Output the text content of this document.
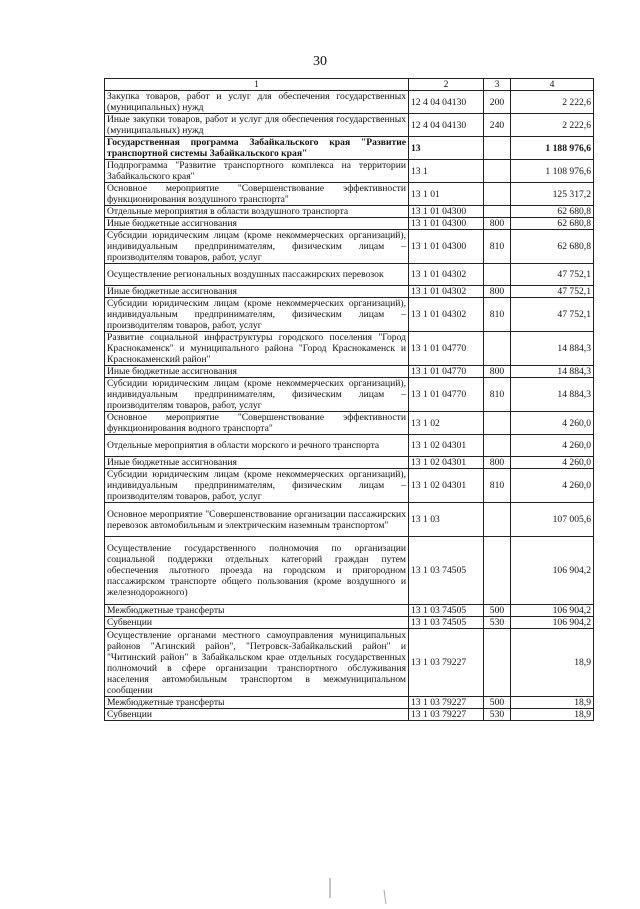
30
1	2	3	4
Закупка товаров, работ и услуг для обеспечения государственных (муниципальных) нужд	12 4 04 04130	200	2 222,6
Иные закупки товаров, работ и услуг для обеспечения государственных (муниципальных) нужд	12 4 04 04130	240	2 222,6
Государственная программа Забайкальского края "Развитие транспортной системы Забайкальского края"	13		1 188 976,6
Подпрограмма "Развитие транспортного комплекса на территории Забайкальского края"	13 1		1 108 976,6
Основное мероприятие "Совершенствование эффективности функционирования воздушного транспорта"	13 1 01		125 317,2
Отдельные мероприятия в области воздушного транспорта	13 1 01 04300		62 680,8
Иные бюджетные ассигнования	13 1 01 04300	800	62 680,8
Субсидии юридическим лицам (кроме некоммерческих организаций), индивидуальным предпринимателям, физическим лицам – производителям товаров, работ, услуг	13 1 01 04300	810	62 680,8
Осуществление региональных воздушных пассажирских перевозок	13 1 01 04302		47 752,1
Иные бюджетные ассигнования	13 1 01 04302	800	47 752,1
Субсидии юридическим лицам (кроме некоммерческих организаций), индивидуальным предпринимателям, физическим лицам – производителям товаров, работ, услуг	13 1 01 04302	810	47 752,1
Развитие социальной инфраструктуры городского поселения "Город Краснокаменск" и муниципального района "Город Краснокаменск и Краснокаменский район"	13 1 01 04770		14 884,3
Иные бюджетные ассигнования	13 1 01 04770	800	14 884,3
Субсидии юридическим лицам (кроме некоммерческих организаций), индивидуальным предпринимателям, физическим лицам – производителям товаров, работ, услуг	13 1 01 04770	810	14 884,3
Основное мероприятие "Совершенствование эффективности функционирования водного транспорта"	13 1 02		4 260,0
Отдельные мероприятия в области морского и речного транспорта	13 1 02 04301		4 260,0
Иные бюджетные ассигнования	13 1 02 04301	800	4 260,0
Субсидии юридическим лицам (кроме некоммерческих организаций), индивидуальным предпринимателям, физическим лицам – производителям товаров, работ, услуг	13 1 02 04301	810	4 260,0
Основное мероприятие "Совершенствование организации пассажирских перевозок автомобильным и электрическим наземным транспортом"	13 1 03		107 005,6
Осуществление государственного полномочия по организации социальной поддержки отдельных категорий граждан путем обеспечения льготного проезда на городском и пригородном пассажирском транспорте общего пользования (кроме воздушного и железнодорожного)	13 1 03 74505		106 904,2
Межбюджетные трансферты	13 1 03 74505	500	106 904,2
Субвенции	13 1 03 74505	530	106 904,2
Осуществление органами местного самоуправления муниципальных районов "Агинский район", "Петровск-Забайкальский район" и "Читинский район" в Забайкальском крае отдельных государственных полномочий в сфере организации транспортного обслуживания населения автомобильным транспортом в межмуниципальном сообщении	13 1 03 79227		18,9
Межбюджетные трансферты	13 1 03 79227	500	18,9
Субвенции	13 1 03 79227	530	18,9
